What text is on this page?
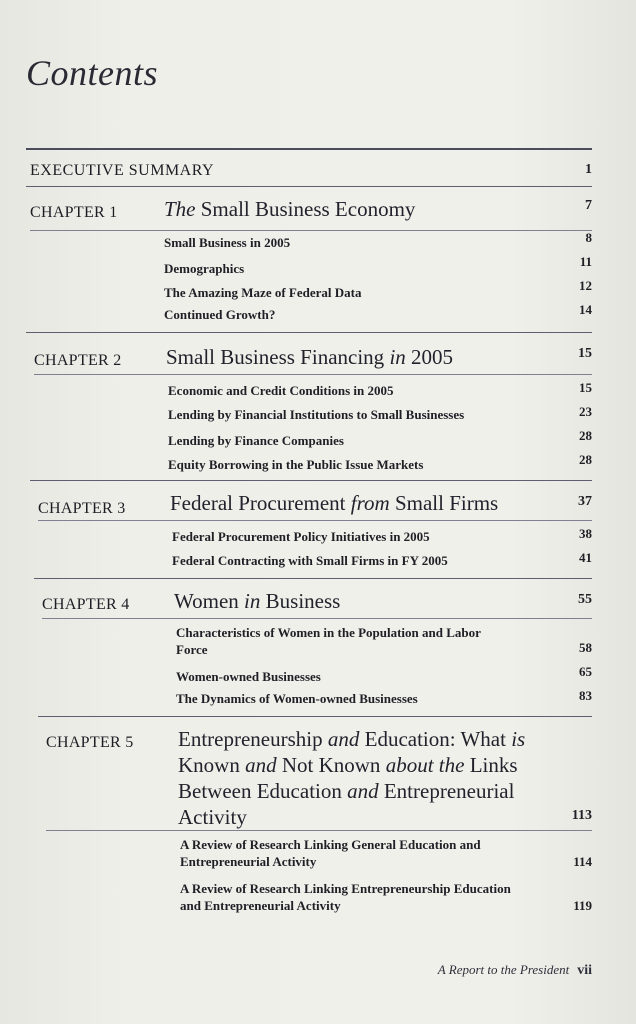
Contents
EXECUTIVE SUMMARY	1
CHAPTER 1 The Small Business Economy	7
Small Business in 2005	8
Demographics	11
The Amazing Maze of Federal Data	12
Continued Growth?	14
CHAPTER 2 Small Business Financing in 2005	15
Economic and Credit Conditions in 2005	15
Lending by Financial Institutions to Small Businesses	23
Lending by Finance Companies	28
Equity Borrowing in the Public Issue Markets	28
CHAPTER 3 Federal Procurement from Small Firms	37
Federal Procurement Policy Initiatives in 2005	38
Federal Contracting with Small Firms in FY 2005	41
CHAPTER 4 Women in Business	55
Characteristics of Women in the Population and Labor Force	58
Women-owned Businesses	65
The Dynamics of Women-owned Businesses	83
CHAPTER 5 Entrepreneurship and Education: What is Known and Not Known about the Links Between Education and Entrepreneurial Activity	113
A Review of Research Linking General Education and Entrepreneurial Activity	114
A Review of Research Linking Entrepreneurship Education and Entrepreneurial Activity	119
A Report to the President vii
